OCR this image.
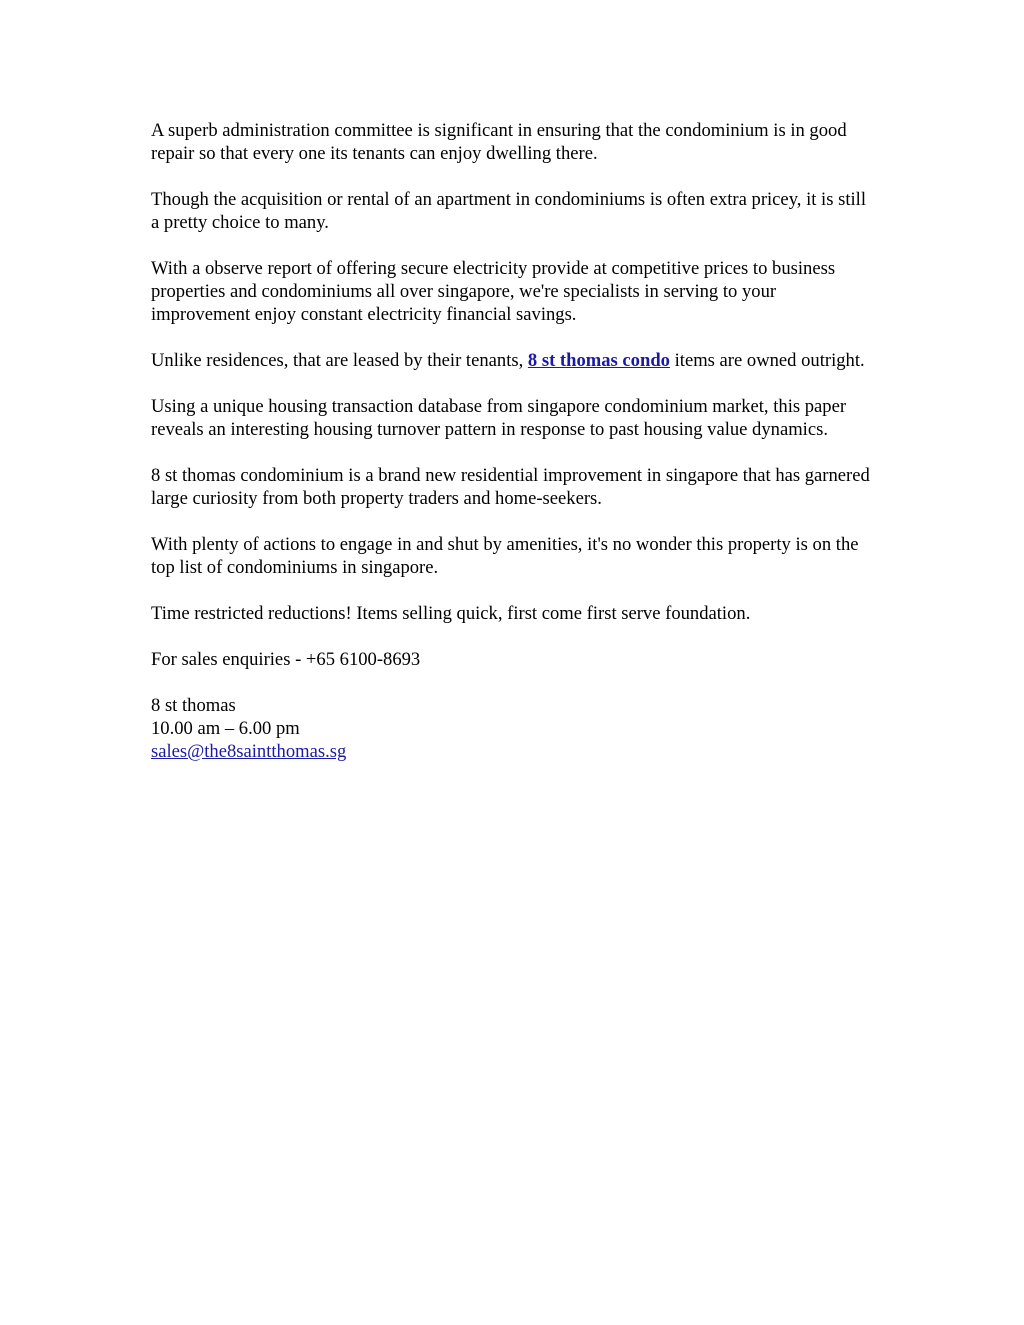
A superb administration committee is significant in ensuring that the condominium is in good repair so that every one its tenants can enjoy dwelling there.

Though the acquisition or rental of an apartment in condominiums is often extra pricey, it is still a pretty choice to many.

With a observe report of offering secure electricity provide at competitive prices to business properties and condominiums all over singapore, we're specialists in serving to your improvement enjoy constant electricity financial savings.

Unlike residences, that are leased by their tenants, 8 st thomas condo items are owned outright.

Using a unique housing transaction database from singapore condominium market, this paper reveals an interesting housing turnover pattern in response to past housing value dynamics.

8 st thomas condominium is a brand new residential improvement in singapore that has garnered large curiosity from both property traders and home-seekers.

With plenty of actions to engage in and shut by amenities, it's no wonder this property is on the top list of condominiums in singapore.

Time restricted reductions! Items selling quick, first come first serve foundation.

For sales enquiries - +65 6100-8693

8 st thomas
10.00 am – 6.00 pm
sales@the8saintthomas.sg
